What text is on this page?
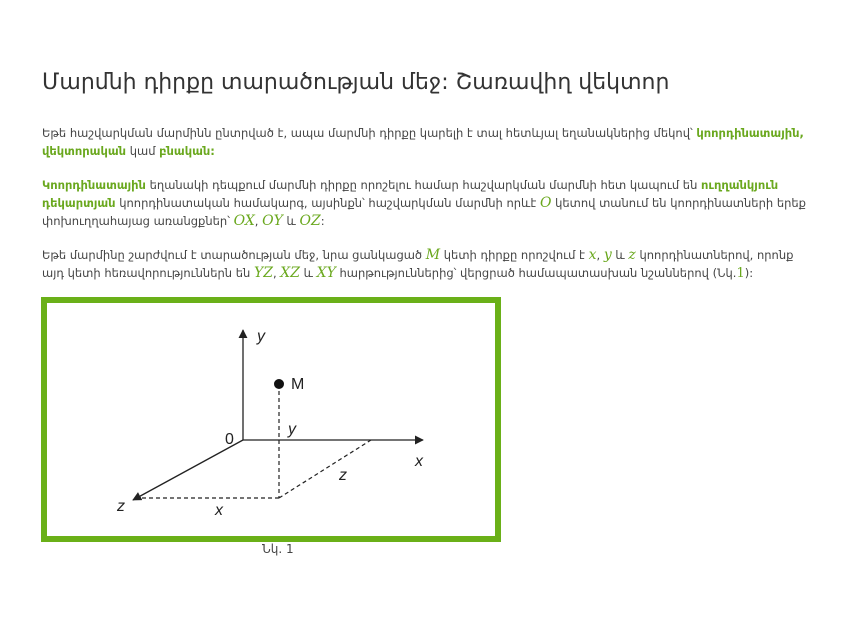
Մարմնի դիրքը տարածության մեջ: Շառավիղ վեկտոր

Եթե հաշվարկման մարմինն ընտրված է, ապա մարմնի դիրքը կարելի է տալ հետևյալ եղանակներից մեկով՝ կոորդինատային, վեկտորական կամ բնական:

Կոորդինատային եղանակի դեպքում մարմնի դիրքը որոշելու համար հաշվարկման մարմնի հետ կապում են ուղղանկյուն դեկարտյան կոորդինատական համակարգ, այսինքն՝ հաշվարկման մարմնի որևէ O կետով տանում են կոորդինատների երեք փոխուղղահայաց առանցքներ՝ OX, OY և OZ:

Եթե մարմինը շարժվում է տարածության մեջ, նրա ցանկացած M կետի դիրքը որոշվում է x, y և z կոորդինատներով, որոնք այդ կետի հեռավորություններն են YZ, XZ և XY հարթություններից՝ վերցրած համապատասխան նշաններով (Նկ.1):

y
x
z
0
M
y
x
z
Նկ. 1
